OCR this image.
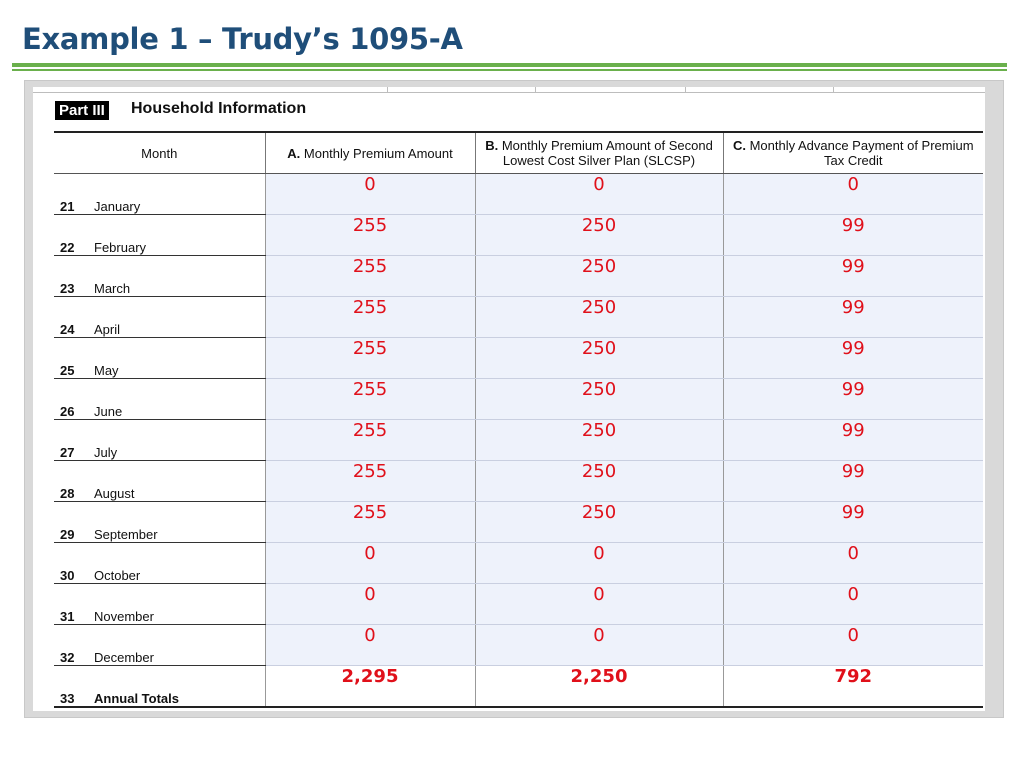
Example 1 – Trudy’s 1095-A
Part III Household Information
Month	A. Monthly Premium Amount	B. Monthly Premium Amount of Second Lowest Cost Silver Plan (SLCSP)	C. Monthly Advance Payment of Premium Tax Credit
21 January	0	0	0
22 February	255	250	99
23 March	255	250	99
24 April	255	250	99
25 May	255	250	99
26 June	255	250	99
27 July	255	250	99
28 August	255	250	99
29 September	255	250	99
30 October	0	0	0
31 November	0	0	0
32 December	0	0	0
33 Annual Totals	2,295	2,250	792
